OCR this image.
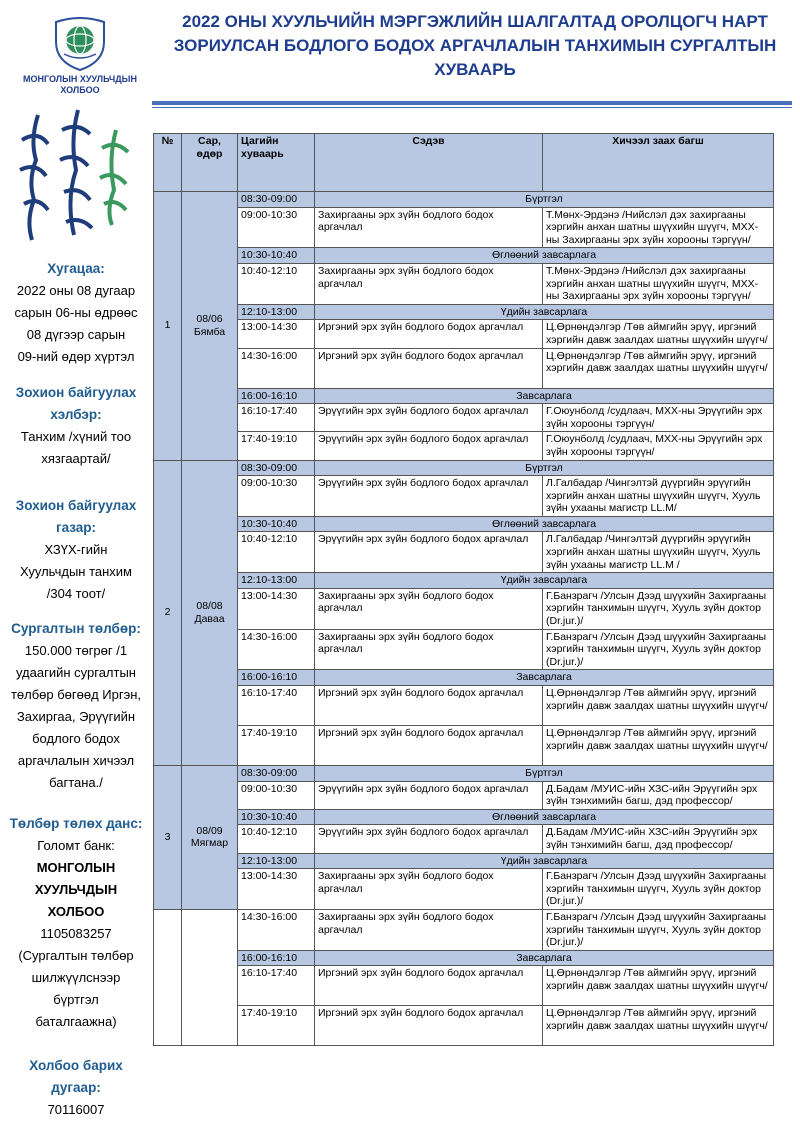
МОНГОЛЫН ХУУЛЬЧДЫН
ХОЛБОО
Хугацаа:
2022 оны 08 дугаар
сарын 06-ны өдрөөс
08 дүгээр сарын
09-ний өдөр хүртэл
Зохион байгуулах
хэлбэр:
Танхим /хүний тоо
хязгаартай/
Зохион байгуулах
газар:
ХЗҮХ-гийн
Хуульчдын танхим
/304 тоот/
Сургалтын төлбөр:
150.000 төгрөг /1
удаагийн сургалтын
төлбөр бөгөөд Иргэн,
Захиргаа, Эрүүгийн
бодлого бодох
аргачлалын хичээл
багтана./
Төлбөр төлөх данс:
Голомт банк:
МОНГОЛЫН
ХУУЛЬЧДЫН
ХОЛБОО
1105083257
(Сургалтын төлбөр
шилжүүлснээр
бүртгэл
баталгаажна)
Холбоо барих
дугаар:
70116007
2022 ОНЫ ХУУЛЬЧИЙН МЭРГЭЖЛИЙН ШАЛГАЛТАД ОРОЛЦОГЧ НАРТ
ЗОРИУЛСАН БОДЛОГО БОДОХ АРГАЧЛАЛЫН ТАНХИМЫН СУРГАЛТЫН
ХУВААРЬ
№	Сар,
өдөр	Цагийн
хуваарь	Сэдэв	Хичээл заах багш
1	08/06
Бямба	08:30-09:00	Бүртгэл	
		09:00-10:30	Захиргааны эрх зүйн бодлого бодох аргачлал	Т.Мөнх-Эрдэнэ /Нийслэл дэх захиргааны хэргийн анхан шатны шүүхийн шүүгч, МХХ-ны Захиргааны эрх зүйн хорооны тэргүүн/
		10:30-10:40	Өглөөний завсарлага	
		10:40-12:10	Захиргааны эрх зүйн бодлого бодох аргачлал	Т.Мөнх-Эрдэнэ /Нийслэл дэх захиргааны хэргийн анхан шатны шүүхийн шүүгч, МХХ-ны Захиргааны эрх зүйн хорооны тэргүүн/
		12:10-13:00	Үдийн завсарлага	
		13:00-14:30	Иргэний эрх зүйн бодлого бодох аргачлал	Ц.Өрнөндэлгэр /Төв аймгийн эрүү, иргэний хэргийн давж заалдах шатны шүүхийн шүүгч/
		14:30-16:00	Иргэний эрх зүйн бодлого бодох аргачлал	Ц.Өрнөндэлгэр /Төв аймгийн эрүү, иргэний хэргийн давж заалдах шатны шүүхийн шүүгч/
		16:00-16:10	Завсарлага	
		16:10-17:40	Эрүүгийн эрх зүйн бодлого бодох аргачлал	Г.Оюунболд /судлаач, МХХ-ны Эрүүгийн эрх зүйн хорооны тэргүүн/
		17:40-19:10	Эрүүгийн эрх зүйн бодлого бодох аргачлал	Г.Оюунболд /судлаач, МХХ-ны Эрүүгийн эрх зүйн хорооны тэргүүн/
2	08/08
Даваа	08:30-09:00	Бүртгэл	
		09:00-10:30	Эрүүгийн эрх зүйн бодлого бодох аргачлал	Л.Галбадар /Чингэлтэй дүүргийн эрүүгийн хэргийн анхан шатны шүүхийн шүүгч, Хууль зүйн ухааны магистр LL.M/
		10:30-10:40	Өглөөний завсарлага	
		10:40-12:10	Эрүүгийн эрх зүйн бодлого бодох аргачлал	Л.Галбадар /Чингэлтэй дүүргийн эрүүгийн хэргийн анхан шатны шүүхийн шүүгч, Хууль зүйн ухааны магистр LL.M /
		12:10-13:00	Үдийн завсарлага	
		13:00-14:30	Захиргааны эрх зүйн бодлого бодох аргачлал	Г.Банзрагч /Улсын Дээд шүүхийн Захиргааны хэргийн танхимын шүүгч, Хууль зүйн доктор (Dr.jur.)/
		14:30-16:00	Захиргааны эрх зүйн бодлого бодох аргачлал	Г.Банзрагч /Улсын Дээд шүүхийн Захиргааны хэргийн танхимын шүүгч, Хууль зүйн доктор (Dr.jur.)/
		16:00-16:10	Завсарлага	
		16:10-17:40	Иргэний эрх зүйн бодлого бодох аргачлал	Ц.Өрнөндэлгэр /Төв аймгийн эрүү, иргэний хэргийн давж заалдах шатны шүүхийн шүүгч/
		17:40-19:10	Иргэний эрх зүйн бодлого бодох аргачлал	Ц.Өрнөндэлгэр /Төв аймгийн эрүү, иргэний хэргийн давж заалдах шатны шүүхийн шүүгч/
3	08/09
Мягмар	08:30-09:00	Бүртгэл	
		09:00-10:30	Эрүүгийн эрх зүйн бодлого бодох аргачлал	Д.Бадам /МУИС-ийн ХЗС-ийн Эрүүгийн эрх зүйн тэнхимийн багш, дэд профессор/
		10:30-10:40	Өглөөний завсарлага	
		10:40-12:10	Эрүүгийн эрх зүйн бодлого бодох аргачлал	Д.Бадам /МУИС-ийн ХЗС-ийн Эрүүгийн эрх зүйн тэнхимийн багш, дэд профессор/
		12:10-13:00	Үдийн завсарлага	
		13:00-14:30	Захиргааны эрх зүйн бодлого бодох аргачлал	Г.Банзрагч /Улсын Дээд шүүхийн Захиргааны хэргийн танхимын шүүгч, Хууль зүйн доктор (Dr.jur.)/
		14:30-16:00	Захиргааны эрх зүйн бодлого бодох аргачлал	Г.Банзрагч /Улсын Дээд шүүхийн Захиргааны хэргийн танхимын шүүгч, Хууль зүйн доктор (Dr.jur.)/
		16:00-16:10	Завсарлага	
		16:10-17:40	Иргэний эрх зүйн бодлого бодох аргачлал	Ц.Өрнөндэлгэр /Төв аймгийн эрүү, иргэний хэргийн давж заалдах шатны шүүхийн шүүгч/
		17:40-19:10	Иргэний эрх зүйн бодлого бодох аргачлал	Ц.Өрнөндэлгэр /Төв аймгийн эрүү, иргэний хэргийн давж заалдах шатны шүүхийн шүүгч/
